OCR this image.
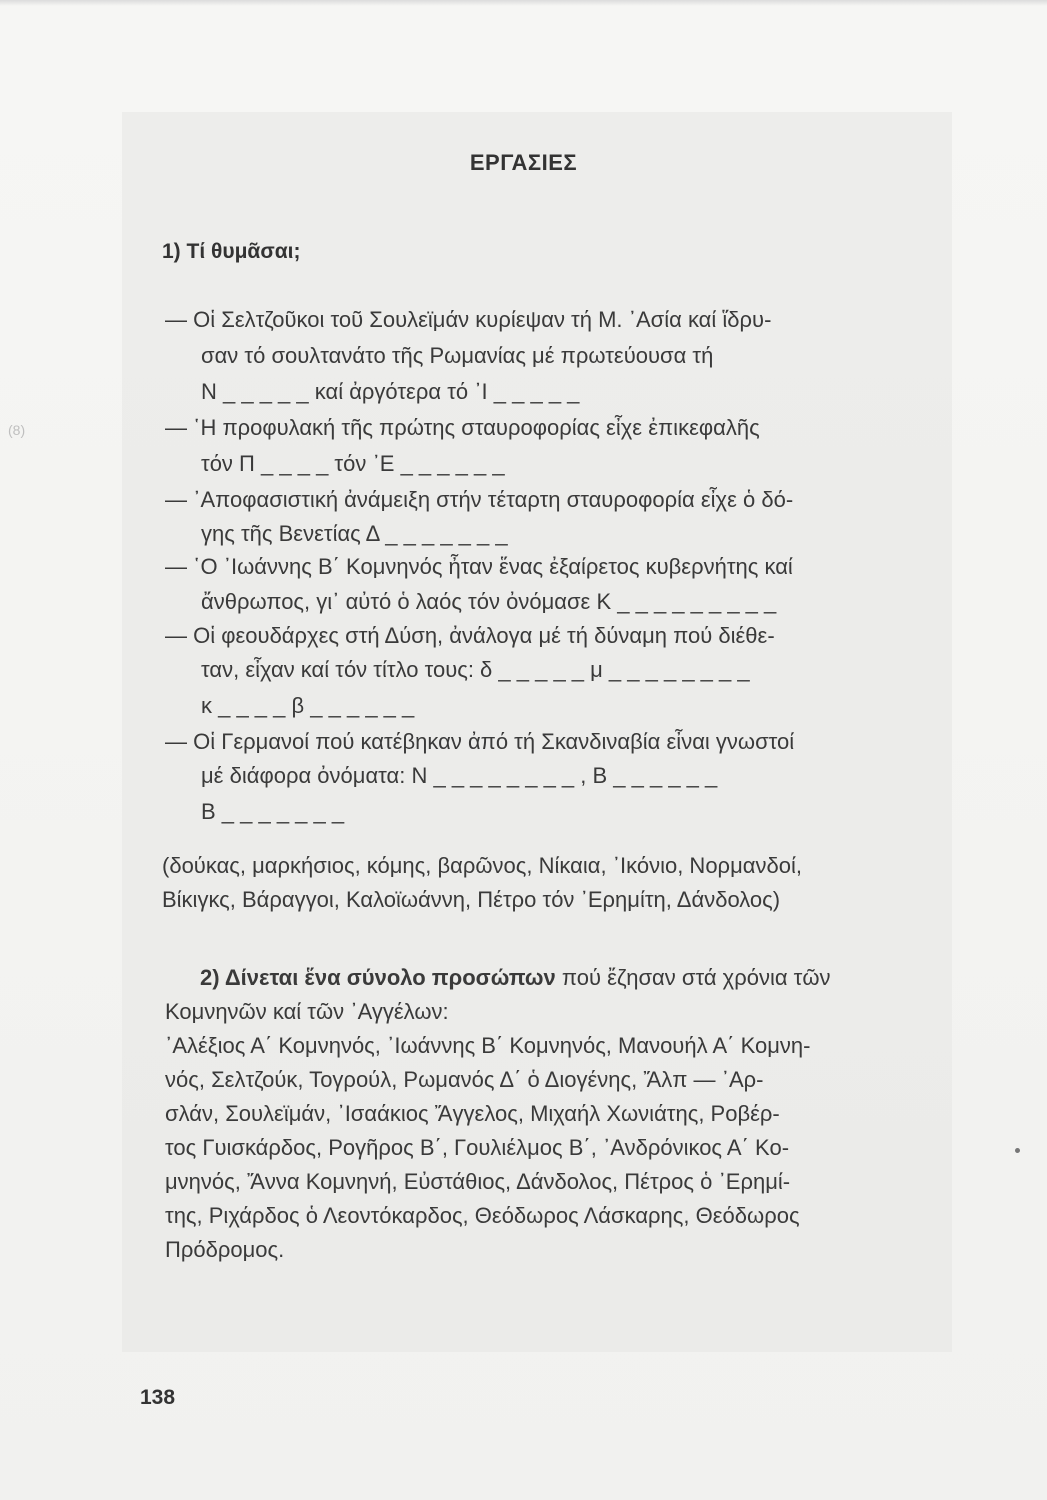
(8)
ΕΡΓΑΣΙΕΣ
1) Τί θυμᾶσαι;
— Οἱ Σελτζοῦκοι τοῦ Σουλεϊμάν κυρίεψαν τή Μ. ᾿Ασία καί ἵδρυ-
σαν τό σουλτανάτο τῆς Ρωμανίας μέ πρωτεύουσα τή
Ν _ _ _ _ _ καί ἀργότερα τό ᾿Ι _ _ _ _ _
— ῾Η προφυλακή τῆς πρώτης σταυροφορίας εἶχε ἐπικεφαλῆς
τόν Π _ _ _ _ τόν ᾿Ε _ _ _ _ _ _
— ᾿Αποφασιστική ἀνάμειξη στήν τέταρτη σταυροφορία εἶχε ὁ δό-
γης τῆς Βενετίας Δ _ _ _ _ _ _ _
— ῾Ο ᾿Ιωάννης Β΄ Κομνηνός ἦταν ἕνας ἐξαίρετος κυβερνήτης καί
ἄνθρωπος, γι᾿ αὐτό ὁ λαός τόν ὀνόμασε Κ _ _ _ _ _ _ _ _ _
— Οἱ φεουδάρχες στή Δύση, ἀνάλογα μέ τή δύναμη πού διέθε-
ταν, εἶχαν καί τόν τίτλο τους: δ _ _ _ _ _ μ _ _ _ _ _ _ _ _
κ _ _ _ _ β _ _ _ _ _ _
— Οἱ Γερμανοί πού κατέβηκαν ἀπό τή Σκανδιναβία εἶναι γνωστοί
μέ διάφορα ὀνόματα: Ν _ _ _ _ _ _ _ _ , Β _ _ _ _ _ _
Β _ _ _ _ _ _ _
(δούκας, μαρκήσιος, κόμης, βαρῶνος, Νίκαια, ᾿Ικόνιο, Νορμανδοί,
Βίκιγκς, Βάραγγοι, Καλοϊωάννη, Πέτρο τόν ᾿Ερημίτη, Δάνδολος)
2) Δίνεται ἕνα σύνολο προσώπων πού ἔζησαν στά χρόνια τῶν
Κομνηνῶν καί τῶν ᾿Αγγέλων:
᾿Αλέξιος Α΄ Κομνηνός, ᾿Ιωάννης Β΄ Κομνηνός, Μανουήλ Α΄ Κομνη-
νός, Σελτζούκ, Τογρούλ, Ρωμανός Δ΄ ὁ Διογένης, Ἄλπ — ᾿Αρ-
σλάν, Σουλεϊμάν, ᾿Ισαάκιος Ἄγγελος, Μιχαήλ Χωνιάτης, Ροβέρ-
τος Γυισκάρδος, Ρογῆρος Β΄, Γουλιέλμος Β΄, ᾿Ανδρόνικος Α΄ Κο-
μνηνός, Ἄννα Κομνηνή, Εὐστάθιος, Δάνδολος, Πέτρος ὁ ᾿Ερημί-
της, Ριχάρδος ὁ Λεοντόκαρδος, Θεόδωρος Λάσκαρης, Θεόδωρος
Πρόδρομος.
138
